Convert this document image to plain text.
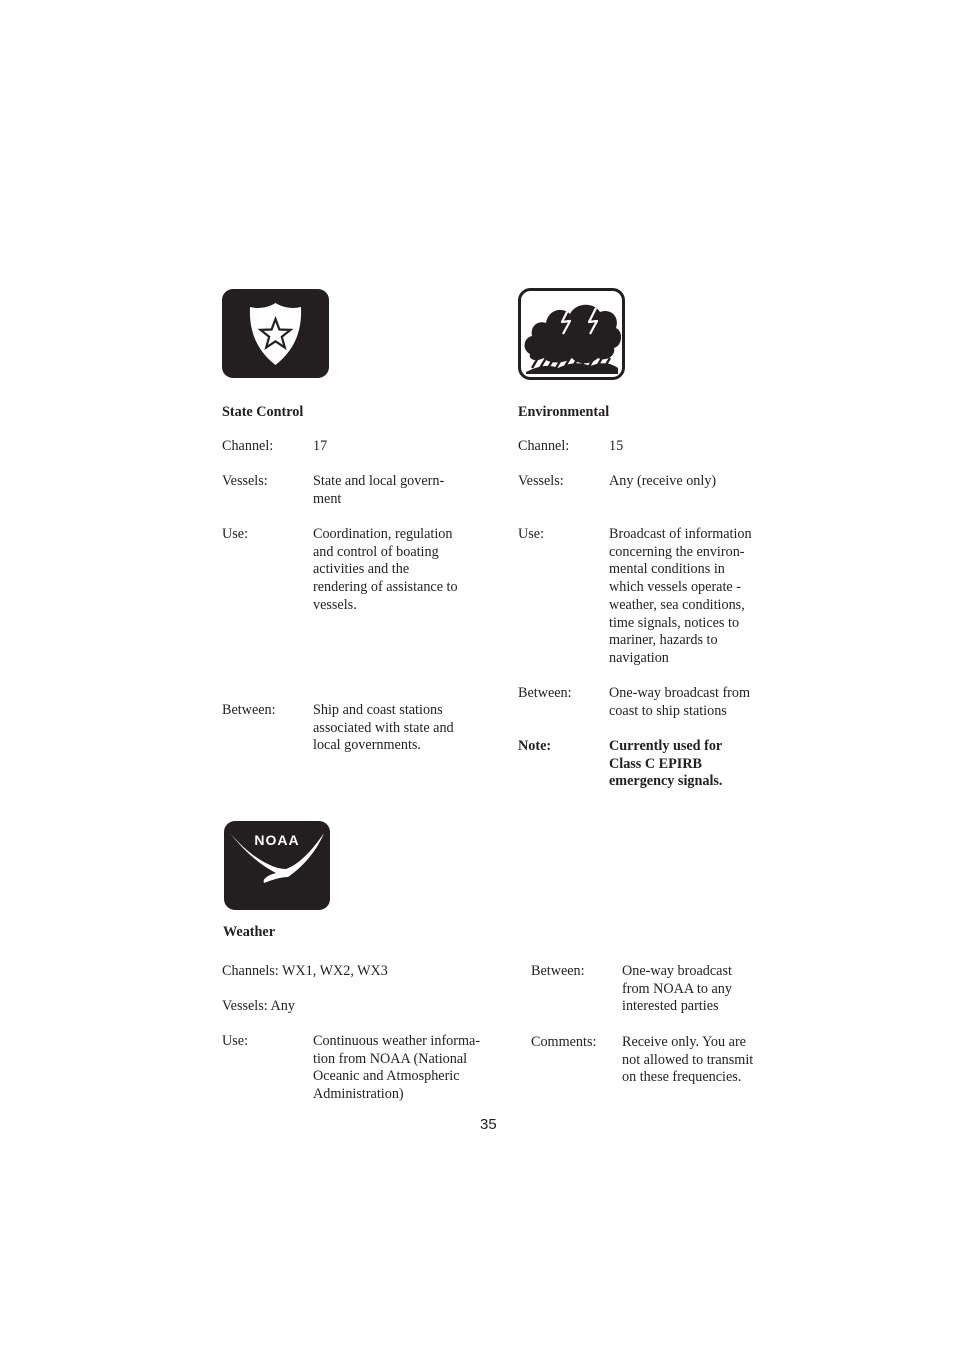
State Control
Channel:	17
Vessels:	State and local govern-
ment
Use:	Coordination, regulation
and control of boating
activities and the
rendering of assistance to
vessels.
Between:	Ship and coast stations
associated with state and
local governments.
Environmental
Channel:	15
Vessels:	Any (receive only)
Use:	Broadcast of information
concerning the environ-
mental conditions in
which vessels operate -
weather, sea conditions,
time signals, notices to
mariner, hazards to
navigation
Between:	One-way broadcast from
coast to ship stations
Note:	Currently used for
Class C EPIRB
emergency signals.
NOAA
Weather
Channels: WX1, WX2, WX3
Vessels: Any
Use:	Continuous weather informa-
tion from NOAA (National
Oceanic and Atmospheric
Administration)
Between:	One-way broadcast
from NOAA to any
interested parties
Comments: Receive only. You are
not allowed to transmit
on these frequencies.
35
